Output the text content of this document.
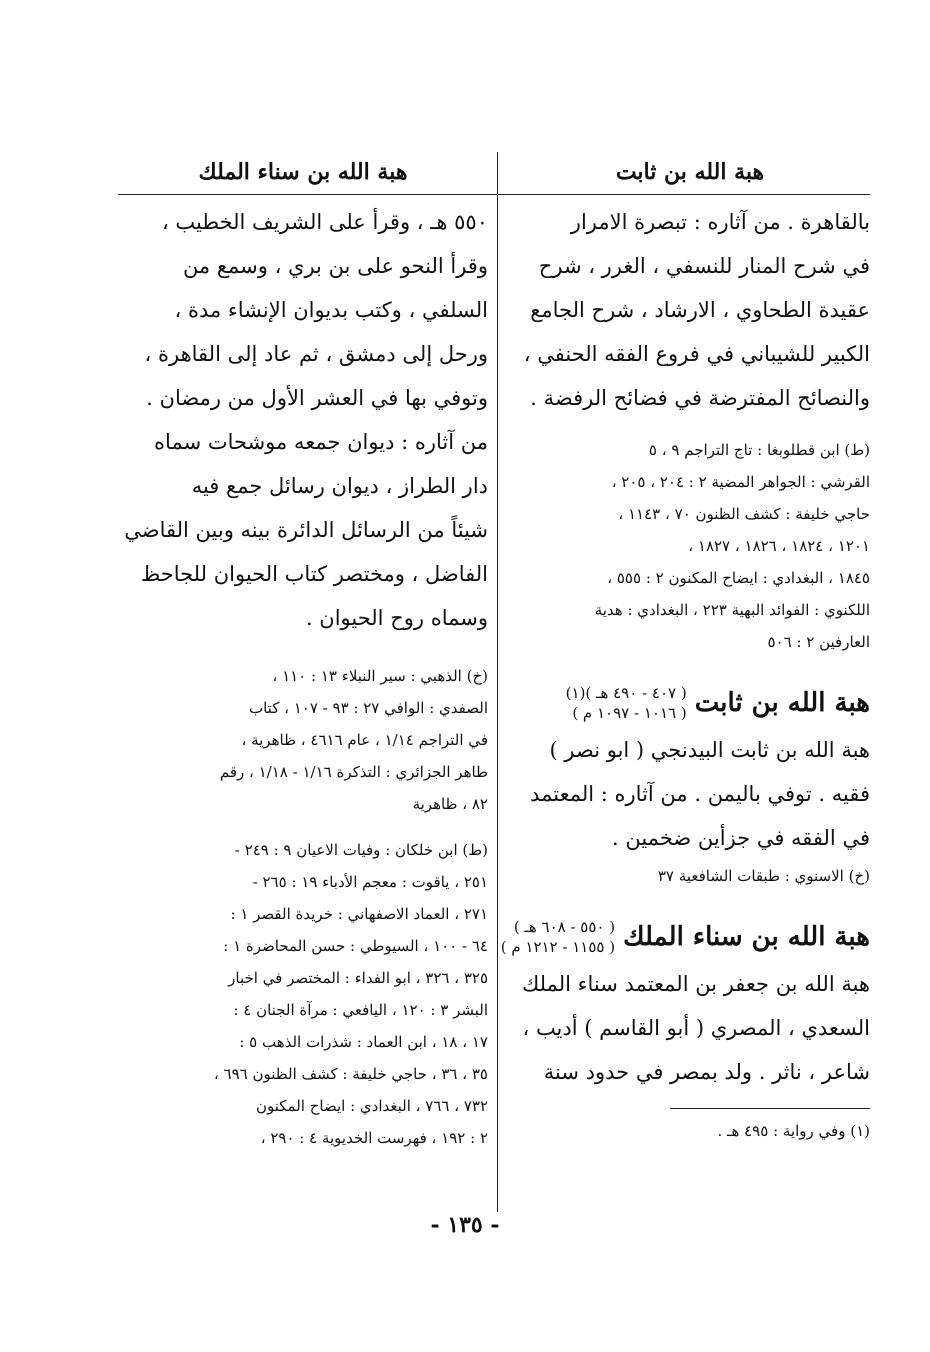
هبة الله بن ثابت
هبة الله بن سناء الملك
بالقاهرة . من آثاره : تبصرة الامرار
في شرح المنار للنسفي ، الغرر ، شرح
عقيدة الطحاوي ، الارشاد ، شرح الجامع
الكبير للشيباني في فروع الفقه الحنفي ،
والنصائح المفترضة في فضائح الرفضة .
(ط) ابن قطلوبغا : تاج التراجم ٩ ، ٥
القرشي : الجواهر المضية ٢ : ٢٠٤ ، ٢٠٥ ،
حاجي خليفة : كشف الظنون ٧٠ ، ١١٤٣ ،
١٢٠١ ، ١٨٢٤ ، ١٨٢٦ ، ١٨٢٧ ،
١٨٤٥ ، البغدادي : ايضاح المكنون ٢ : ٥٥٥ ،
اللكنوي : الفوائد البهية ٢٢٣ ، البغدادي : هدية
العارفين ٢ : ٥٠٦
هبة الله بن ثابت
( ٤٠٧ - ٤٩٠ هـ )(١)
( ١٠١٦ - ١٠٩٧ م )
هبة الله بن ثابت البيدنجي ( ابو نصر )
فقيه . توفي باليمن . من آثاره : المعتمد
في الفقه في جزأين ضخمين .
(خ) الاسنوي : طبقات الشافعية ٣٧
هبة الله بن سناء الملك
( ٥٥٠ - ٦٠٨ هـ )
( ١١٥٥ - ١٢١٢ م )
هبة الله بن جعفر بن المعتمد سناء الملك
السعدي ، المصري ( أبو القاسم ) أديب ،
شاعر ، ناثر . ولد بمصر في حدود سنة
(١) وفي رواية : ٤٩٥ هـ .
٥٥٠ هـ ، وقرأ على الشريف الخطيب ،
وقرأ النحو على بن بري ، وسمع من
السلفي ، وكتب بديوان الإنشاء مدة ،
ورحل إلى دمشق ، ثم عاد إلى القاهرة ،
وتوفي بها في العشر الأول من رمضان .
من آثاره : ديوان جمعه موشحات سماه
دار الطراز ، ديوان رسائل جمع فيه
شيئاً من الرسائل الدائرة بينه وبين القاضي
الفاضل ، ومختصر كتاب الحيوان للجاحظ
وسماه روح الحيوان .
(خ) الذهبي : سير النبلاء ١٣ : ١١٠ ،
الصفدي : الوافي ٢٧ : ٩٣ - ١٠٧ ، كتاب
في التراجم ١/١٤ ، عام ٤٦١٦ ، ظاهرية ،
طاهر الجزائري : التذكرة ١/١٦ - ١/١٨ ، رقم
٨٢ ، ظاهرية
(ط) ابن خلكان : وفيات الاعيان ٩ : ٢٤٩ -
٢٥١ ، ياقوت : معجم الأدباء ١٩ : ٢٦٥ -
٢٧١ ، العماد الاصفهاني : خريدة القصر ١ :
٦٤ - ١٠٠ ، السيوطي : حسن المحاضرة ١ :
٣٢٥ ، ٣٢٦ ، ابو الفداء : المختصر في اخبار
البشر ٣ : ١٢٠ ، اليافعي : مرآة الجنان ٤ :
١٧ ، ١٨ ، ابن العماد : شذرات الذهب ٥ :
٣٥ ، ٣٦ ، حاجي خليفة : كشف الظنون ٦٩٦ ،
٧٣٢ ، ٧٦٦ ، البغدادي : ايضاح المكنون
٢ : ١٩٢ ، فهرست الخديوية ٤ : ٢٩٠ ،
- ١٣٥ -
